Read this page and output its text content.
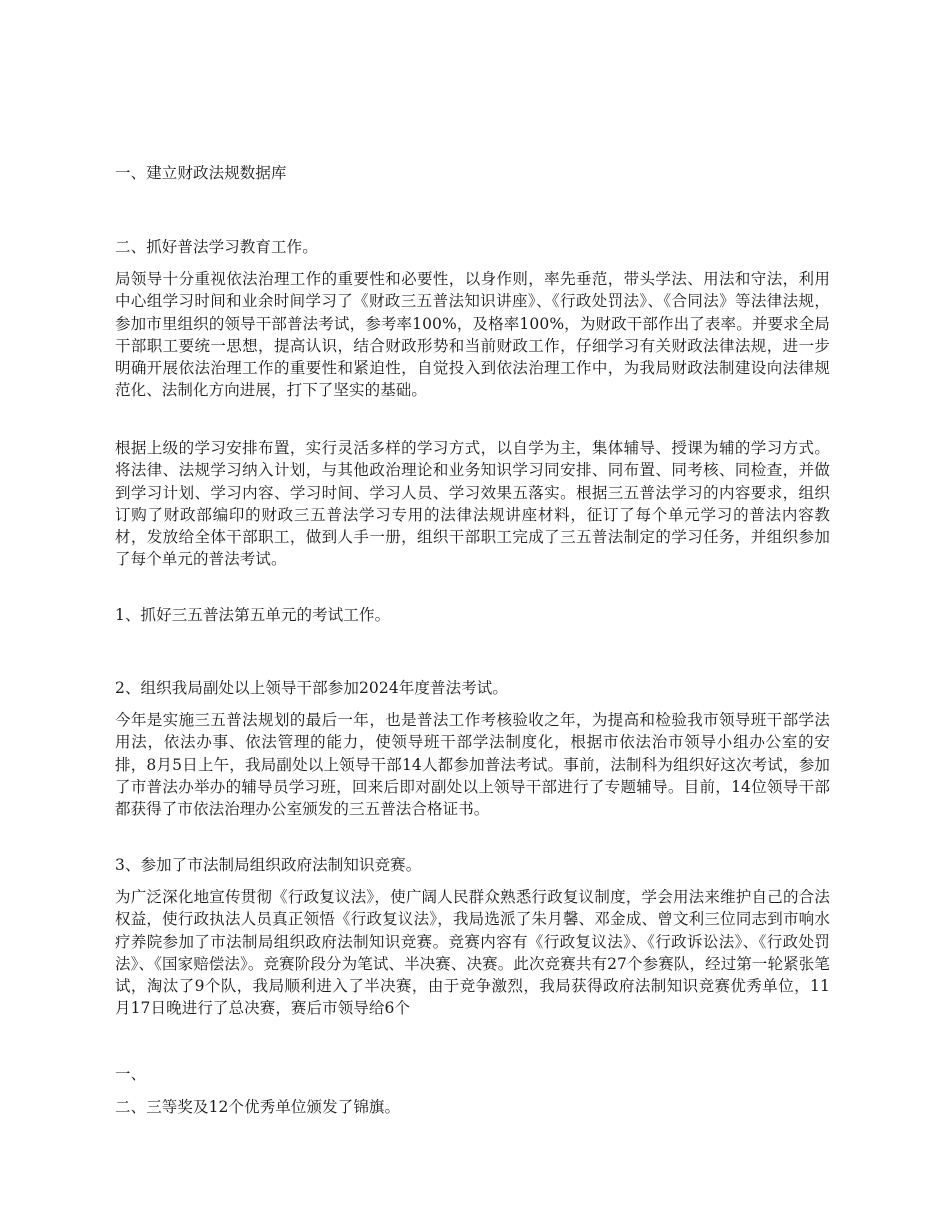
一、建立财政法规数据库

二、抓好普法学习教育工作。

局领导十分重视依法治理工作的重要性和必要性，以身作则，率先垂范，带头学法、用法和守法，利用中心组学习时间和业余时间学习了《财政三五普法知识讲座》、《行政处罚法》、《合同法》等法律法规，参加市里组织的领导干部普法考试，参考率100%，及格率100%，为财政干部作出了表率。并要求全局干部职工要统一思想，提高认识，结合财政形势和当前财政工作，仔细学习有关财政法律法规，进一步明确开展依法治理工作的重要性和紧迫性，自觉投入到依法治理工作中，为我局财政法制建设向法律规范化、法制化方向进展，打下了坚实的基础。

根据上级的学习安排布置，实行灵活多样的学习方式，以自学为主，集体辅导、授课为辅的学习方式。将法律、法规学习纳入计划，与其他政治理论和业务知识学习同安排、同布置、同考核、同检查，并做到学习计划、学习内容、学习时间、学习人员、学习效果五落实。根据三五普法学习的内容要求，组织订购了财政部编印的财政三五普法学习专用的法律法规讲座材料，征订了每个单元学习的普法内容教材，发放给全体干部职工，做到人手一册，组织干部职工完成了三五普法制定的学习任务，并组织参加了每个单元的普法考试。

1、抓好三五普法第五单元的考试工作。

2、组织我局副处以上领导干部参加2024年度普法考试。

今年是实施三五普法规划的最后一年，也是普法工作考核验收之年，为提高和检验我市领导班干部学法用法，依法办事、依法管理的能力，使领导班干部学法制度化，根据市依法治市领导小组办公室的安排，8月5日上午，我局副处以上领导干部14人都参加普法考试。事前，法制科为组织好这次考试，参加了市普法办举办的辅导员学习班，回来后即对副处以上领导干部进行了专题辅导。目前，14位领导干部都获得了市依法治理办公室颁发的三五普法合格证书。

3、参加了市法制局组织政府法制知识竞赛。

为广泛深化地宣传贯彻《行政复议法》，使广阔人民群众熟悉行政复议制度，学会用法来维护自己的合法权益，使行政执法人员真正领悟《行政复议法》，我局选派了朱月馨、邓金成、曾文利三位同志到市响水疗养院参加了市法制局组织政府法制知识竞赛。竞赛内容有《行政复议法》、《行政诉讼法》、《行政处罚法》、《国家赔偿法》。竞赛阶段分为笔试、半决赛、决赛。此次竞赛共有27个参赛队，经过第一轮紧张笔试，淘汰了9个队，我局顺利进入了半决赛，由于竞争激烈，我局获得政府法制知识竞赛优秀单位，11月17日晚进行了总决赛，赛后市领导给6个

一、

二、三等奖及12个优秀单位颁发了锦旗。
